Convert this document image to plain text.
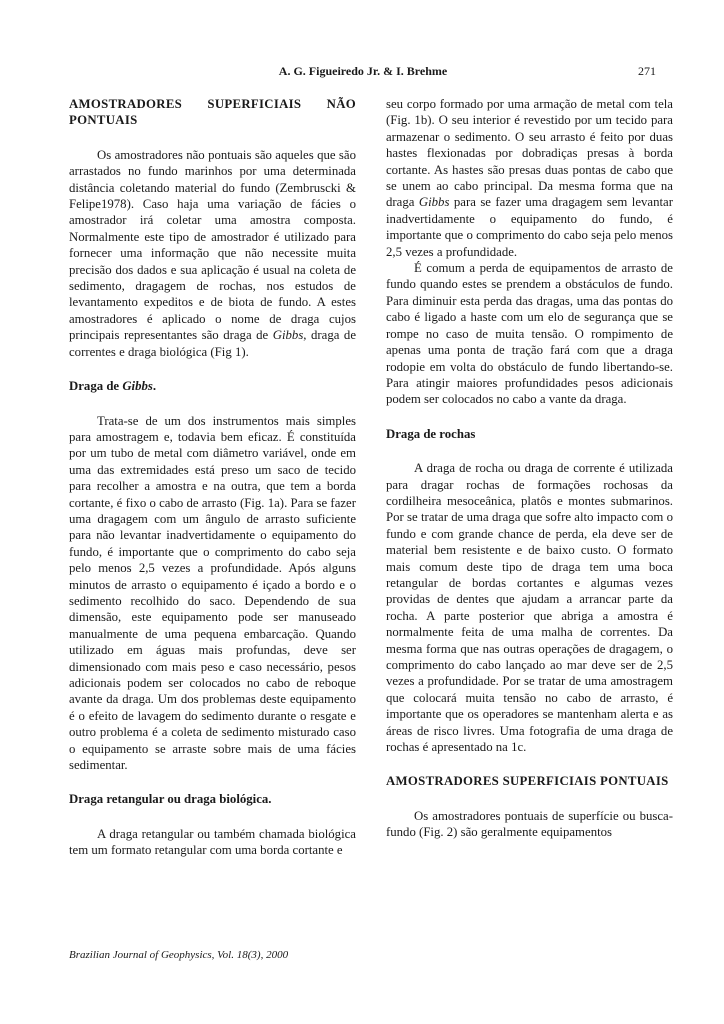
A. G. Figueiredo Jr. & I. Brehme	271

AMOSTRADORES SUPERFICIAIS NÃO PONTUAIS

Os amostradores não pontuais são aqueles que são arrastados no fundo marinhos por uma determinada distância coletando material do fundo (Zembruscki & Felipe1978). Caso haja uma variação de fácies o amostrador irá coletar uma amostra composta. Normalmente este tipo de amostrador é utilizado para fornecer uma informação que não necessite muita precisão dos dados e sua aplicação é usual na coleta de sedimento, dragagem de rochas, nos estudos de levantamento expeditos e de biota de fundo. A estes amostradores é aplicado o nome de draga cujos principais representantes são draga de Gibbs, draga de correntes e draga biológica (Fig 1).

Draga de Gibbs.

Trata-se de um dos instrumentos mais simples para amostragem e, todavia bem eficaz. É constituída por um tubo de metal com diâmetro variável, onde em uma das extremidades está preso um saco de tecido para recolher a amostra e na outra, que tem a borda cortante, é fixo o cabo de arrasto (Fig. 1a). Para se fazer uma dragagem com um ângulo de arrasto suficiente para não levantar inadvertidamente o equipamento do fundo, é importante que o comprimento do cabo seja pelo menos 2,5 vezes a profundidade. Após alguns minutos de arrasto o equipamento é içado a bordo e o sedimento recolhido do saco. Dependendo de sua dimensão, este equipamento pode ser manuseado manualmente de uma pequena embarcação. Quando utilizado em águas mais profundas, deve ser dimensionado com mais peso e caso necessário, pesos adicionais podem ser colocados no cabo de reboque avante da draga. Um dos problemas deste equipamento é o efeito de lavagem do sedimento durante o resgate e outro problema é a coleta de sedimento misturado caso o equipamento se arraste sobre mais de uma fácies sedimentar.

Draga retangular ou draga biológica.

A draga retangular ou também chamada biológica tem um formato retangular com uma borda cortante e

seu corpo formado por uma armação de metal com tela (Fig. 1b). O seu interior é revestido por um tecido para armazenar o sedimento. O seu arrasto é feito por duas hastes flexionadas por dobradiças presas à borda cortante. As hastes são presas duas pontas de cabo que se unem ao cabo principal. Da mesma forma que na draga Gibbs para se fazer uma dragagem sem levantar inadvertidamente o equipamento do fundo, é importante que o comprimento do cabo seja pelo menos 2,5 vezes a profundidade.

É comum a perda de equipamentos de arrasto de fundo quando estes se prendem a obstáculos de fundo. Para diminuir esta perda das dragas, uma das pontas do cabo é ligado a haste com um elo de segurança que se rompe no caso de muita tensão. O rompimento de apenas uma ponta de tração fará com que a draga rodopie em volta do obstáculo de fundo libertando-se. Para atingir maiores profundidades pesos adicionais podem ser colocados no cabo a vante da draga.

Draga de rochas

A draga de rocha ou draga de corrente é utilizada para dragar rochas de formações rochosas da cordilheira mesoceânica, platôs e montes submarinos. Por se tratar de uma draga que sofre alto impacto com o fundo e com grande chance de perda, ela deve ser de material bem resistente e de baixo custo. O formato mais comum deste tipo de draga tem uma boca retangular de bordas cortantes e algumas vezes providas de dentes que ajudam a arrancar parte da rocha. A parte posterior que abriga a amostra é normalmente feita de uma malha de correntes. Da mesma forma que nas outras operações de dragagem, o comprimento do cabo lançado ao mar deve ser de 2,5 vezes a profundidade. Por se tratar de uma amostragem que colocará muita tensão no cabo de arrasto, é importante que os operadores se mantenham alerta e as áreas de risco livres. Uma fotografia de uma draga de rochas é apresentado na 1c.

AMOSTRADORES SUPERFICIAIS PONTUAIS

Os amostradores pontuais de superfície ou busca-fundo (Fig. 2) são geralmente equipamentos

Brazilian Journal of Geophysics, Vol. 18(3), 2000
